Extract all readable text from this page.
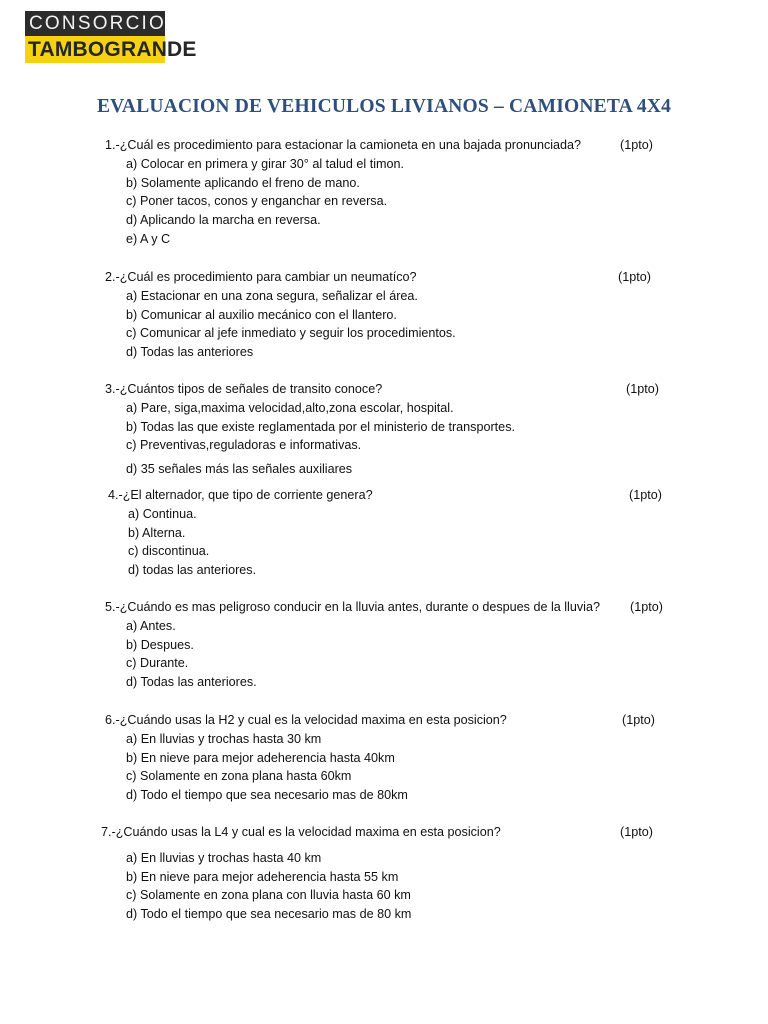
CONSORCIO
TAMBOGRANDE
EVALUACION DE VEHICULOS LIVIANOS – CAMIONETA 4X4
1.-¿Cuál es procedimiento para estacionar la camioneta en una bajada pronunciada?
a) Colocar en primera y girar 30° al talud el timon.
b) Solamente aplicando el freno de mano.
c) Poner tacos, conos y enganchar en reversa.
d) Aplicando la marcha en reversa.
e) A y C
(1pto)
2.-¿Cuál es procedimiento para cambiar un neumatíco?
a) Estacionar en una zona segura, señalizar el área.
b) Comunicar al auxilio mecánico con el llantero.
c) Comunicar al jefe inmediato y seguir los procedimientos.
d) Todas las anteriores
(1pto)
3.-¿Cuántos tipos de señales de transito conoce?
a) Pare, siga,maxima velocidad,alto,zona escolar, hospital.
b) Todas las que existe reglamentada por el ministerio de transportes.
c) Preventivas,reguladoras e informativas.
d) 35 señales más las señales auxiliares
(1pto)
4.-¿El alternador, que tipo de corriente genera?
a) Continua.
b) Alterna.
c) discontinua.
d) todas las anteriores.
(1pto)
5.-¿Cuándo es mas peligroso conducir en la lluvia antes, durante o despues de la lluvia?
a) Antes.
b) Despues.
c) Durante.
d) Todas las anteriores.
(1pto)
6.-¿Cuándo usas la H2 y cual es la velocidad maxima en esta posicion?
a) En lluvias y trochas hasta 30 km
b) En nieve para mejor adeherencia hasta 40km
c) Solamente en zona plana hasta 60km
d) Todo el tiempo que sea necesario mas de 80km
(1pto)
7.-¿Cuándo usas la L4 y cual es la velocidad maxima en esta posicion?
a) En lluvias y trochas hasta 40 km
b) En nieve para mejor adeherencia hasta 55 km
c) Solamente en zona plana con lluvia hasta 60 km
d) Todo el tiempo que sea necesario mas de 80 km
(1pto)
